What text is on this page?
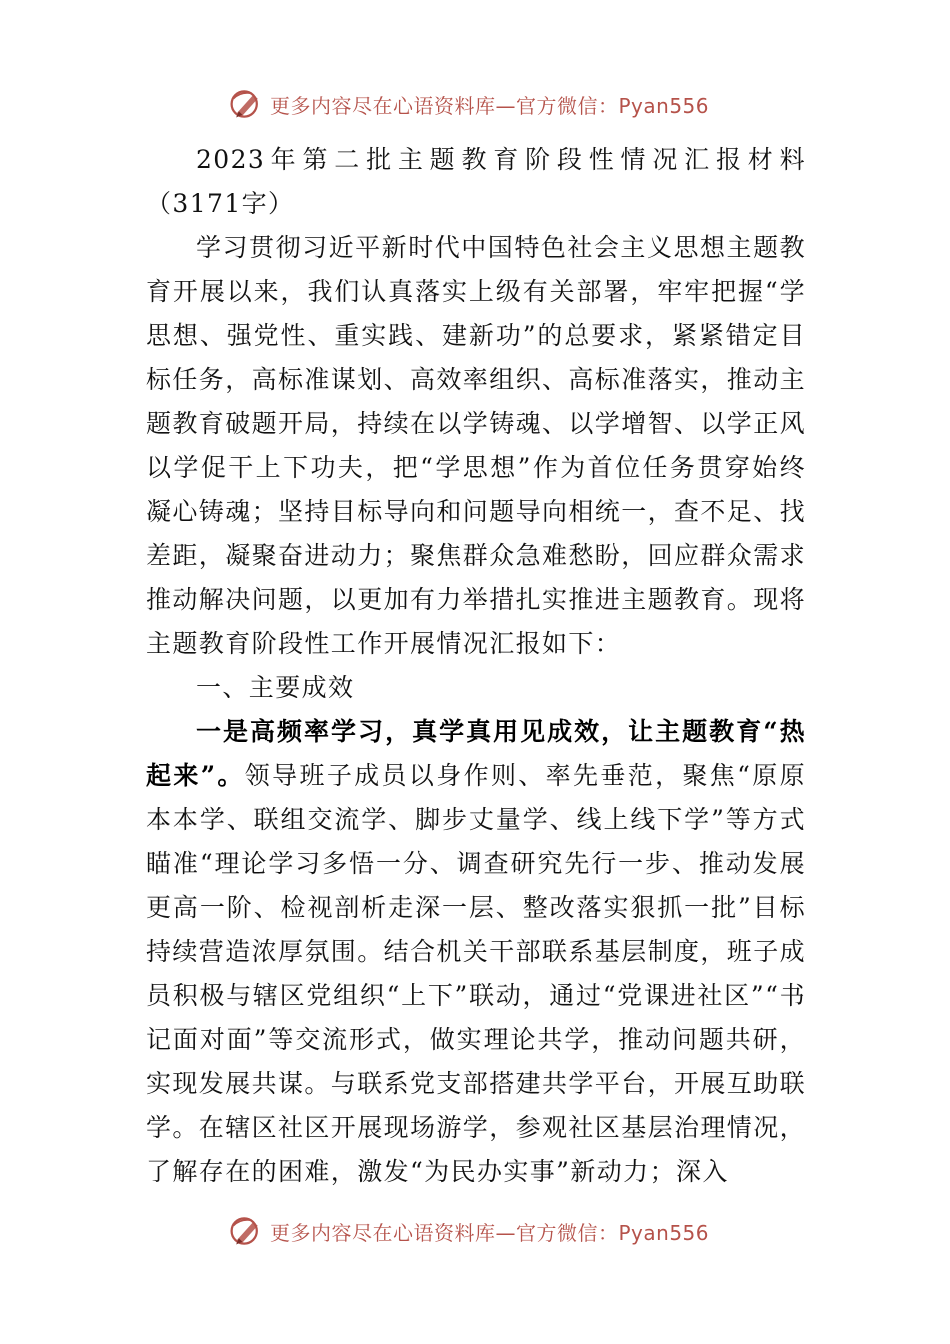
更多内容尽在心语资料库—官方微信：Pyan556

2023年第二批主题教育阶段性情况汇报材料（3171字）

学习贯彻习近平新时代中国特色社会主义思想主题教育开展以来，我们认真落实上级有关部署，牢牢把握“学思想、强党性、重实践、建新功”的总要求，紧紧错定目标任务，高标准谋划、高效率组织、高标准落实，推动主题教育破题开局，持续在以学铸魂、以学增智、以学正风以学促干上下功夫，把“学思想”作为首位任务贯穿始终凝心铸魂；坚持目标导向和问题导向相统一，查不足、找差距，凝聚奋进动力；聚焦群众急难愁盼，回应群众需求推动解决问题，以更加有力举措扎实推进主题教育。现将主题教育阶段性工作开展情况汇报如下：

一、主要成效

一是高频率学习，真学真用见成效，让主题教育“热起来”。领导班子成员以身作则、率先垂范，聚焦“原原本本学、联组交流学、脚步丈量学、线上线下学”等方式瞄准“理论学习多悟一分、调查研究先行一步、推动发展更高一阶、检视剖析走深一层、整改落实狠抓一批”目标持续营造浓厚氛围。结合机关干部联系基层制度，班子成员积极与辖区党组织“上下”联动，通过“党课进社区”“书记面对面”等交流形式，做实理论共学，推动问题共研，实现发展共谋。与联系党支部搭建共学平台，开展互助联学。在辖区社区开展现场游学，参观社区基层治理情况，了解存在的困难，激发“为民办实事”新动力；深入

更多内容尽在心语资料库—官方微信：Pyan556
